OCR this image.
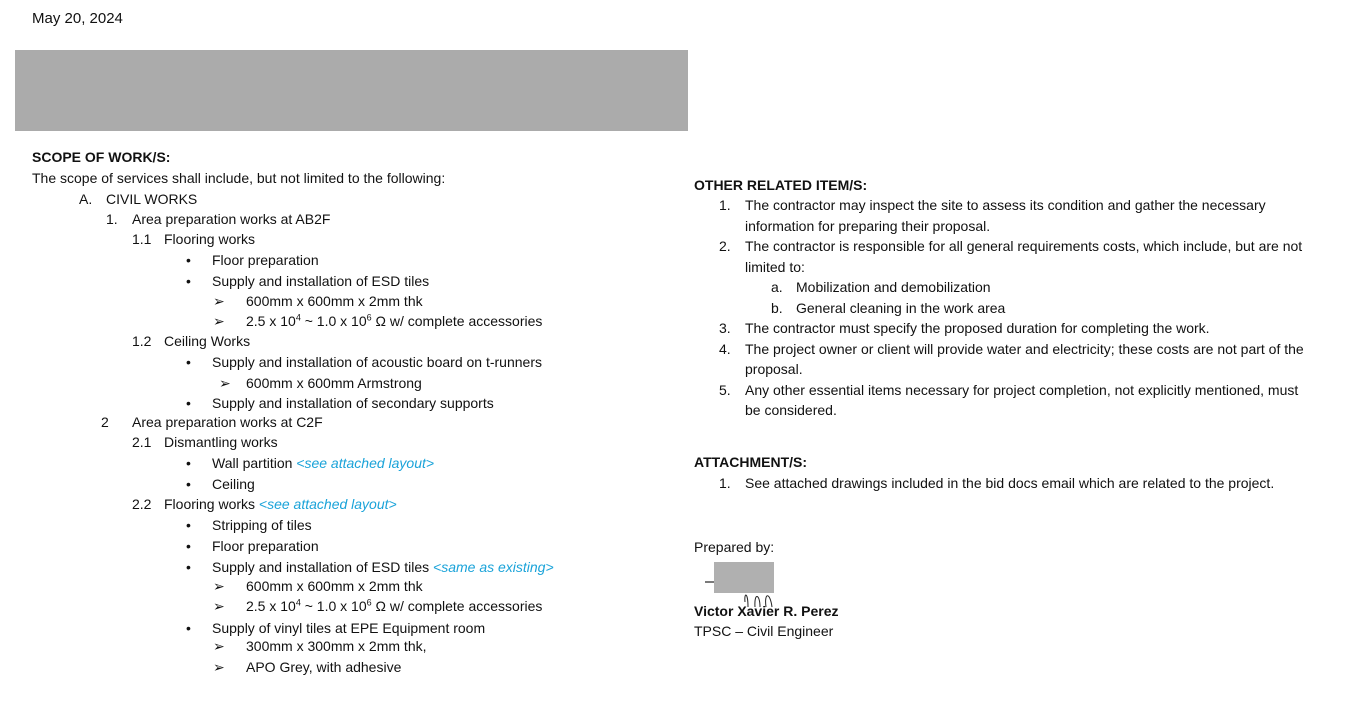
May 20, 2024
SCOPE OF WORK/S:
The scope of services shall include, but not limited to the following:
A. CIVIL WORKS
1. Area preparation works at AB2F
1.1 Flooring works
• Floor preparation
• Supply and installation of ESD tiles
➢ 600mm x 600mm x 2mm thk
➢ 2.5 x $10^4$ ~ 1.0 x $10^6$ Ω w/ complete accessories
1.2 Ceiling Works
• Supply and installation of acoustic board on t-runners
➢ 600mm x 600mm Armstrong
• Supply and installation of secondary supports
2 Area preparation works at C2F
2.1 Dismantling works
• Wall partition <see attached layout>
• Ceiling
2.2 Flooring works <see attached layout>
• Stripping of tiles
• Floor preparation
• Supply and installation of ESD tiles <same as existing>
➢ 600mm x 600mm x 2mm thk
➢ 2.5 x $10^4$ ~ 1.0 x $10^6$ Ω w/ complete accessories
• Supply of vinyl tiles at EPE Equipment room
➢ 300mm x 300mm x 2mm thk,
➢ APO Grey, with adhesive
OTHER RELATED ITEM/S:
1. The contractor may inspect the site to assess its condition and gather the necessary
information for preparing their proposal.
2. The contractor is responsible for all general requirements costs, which include, but are not
limited to:
a. Mobilization and demobilization
b. General cleaning in the work area
3. The contractor must specify the proposed duration for completing the work.
4. The project owner or client will provide water and electricity; these costs are not part of the
proposal.
5. Any other essential items necessary for project completion, not explicitly mentioned, must
be considered.
ATTACHMENT/S:
1. See attached drawings included in the bid docs email which are related to the project.
Prepared by:
Victor Xavier R. Perez
TPSC – Civil Engineer
